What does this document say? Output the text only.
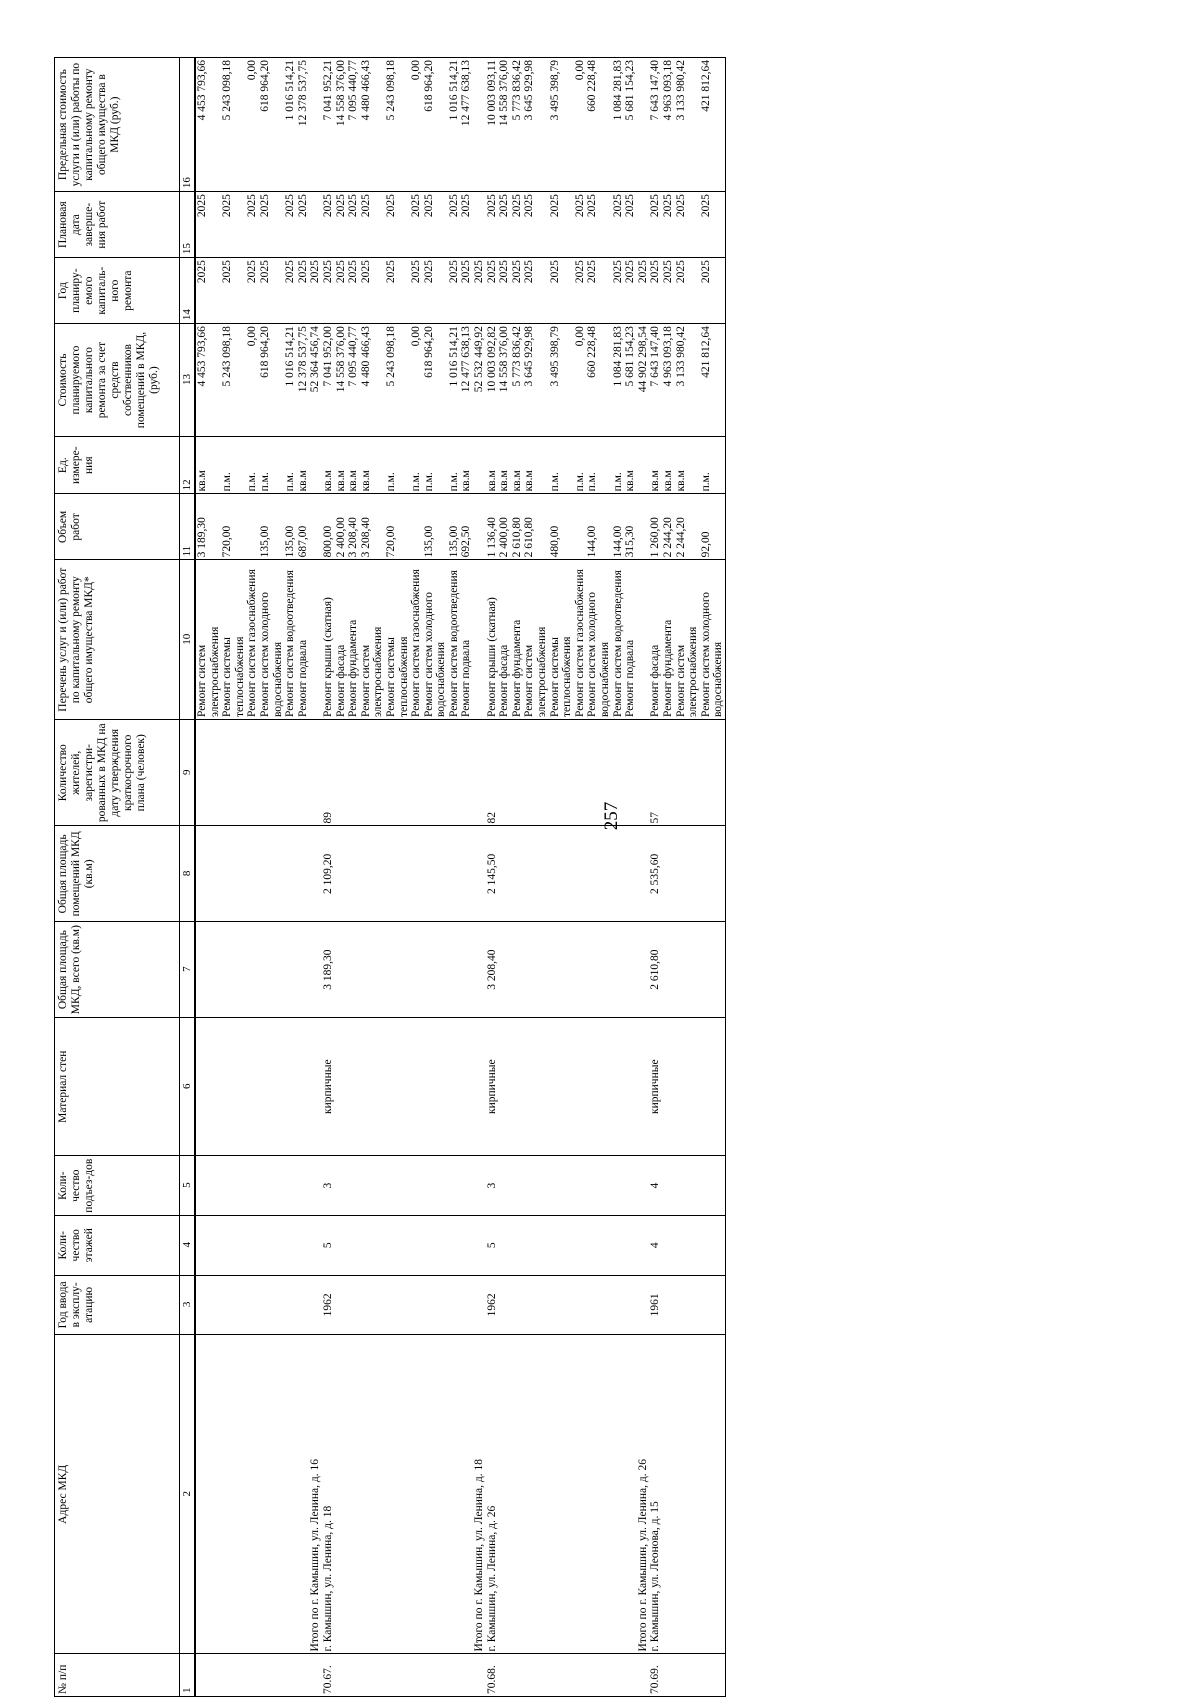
257
№ п/п	Адрес МКД	Год ввода в эксплу-атацию	Коли-чество этажей	Коли-чество подъез-дов	Материал стен	Общая площадь МКД, всего (кв.м)	Общая площадь помещений МКД (кв.м)	Количество жителей, зарегистри-рованных в МКД на дату утверждения краткосрочного плана (человек)	Перечень услуг и (или) работ по капитальному ремонту общего имущества МКД*	Объем работ	Ед. измере-ния	Стоимость планируемого капитального ремонта за счет средств собственников помещений в МКД, (руб.)	Год планиру-емого капиталь-ного ремонта	Плановая дата заверше-ния работ	Предельная стоимость услуги и (или) работы по капитальному ремонту общего имущества в МКД (руб.)
1	2	3	4	5	6	7	8	9	10	11	12	13	14	15	16
									Ремонт систем электроснабжения	3 189,30	кв.м	4 453 793,66	2025	2025	4 453 793,66
									Ремонт системы теплоснабжения	720,00	п.м.	5 243 098,18	2025	2025	5 243 098,18
									Ремонт систем газоснабжения		п.м.	0,00	2025	2025	0,00
									Ремонт систем холодного водоснабжения	135,00	п.м.	618 964,20	2025	2025	618 964,20
									Ремонт систем водоотведения	135,00	п.м.	1 016 514,21	2025	2025	1 016 514,21
									Ремонт подвала	687,00	кв.м	12 378 537,75	2025	2025	12 378 537,75
	Итого по г. Камышин, ул. Ленина, д. 16											52 364 456,74	2025		
70.67.	г. Камышин, ул. Ленина, д. 18	1962	5	3	кирпичные	3 189,30	2 109,20	89	Ремонт крыши (скатная)	800,00	кв.м	7 041 952,00	2025	2025	7 041 952,21
									Ремонт фасада	2 400,00	кв.м	14 558 376,00	2025	2025	14 558 376,00
									Ремонт фундамента	3 208,40	кв.м	7 095 440,77	2025	2025	7 095 440,77
									Ремонт систем электроснабжения	3 208,40	кв.м	4 480 466,43	2025	2025	4 480 466,43
									Ремонт системы теплоснабжения	720,00	п.м.	5 243 098,18	2025	2025	5 243 098,18
									Ремонт систем газоснабжения		п.м.	0,00	2025	2025	0,00
									Ремонт систем холодного водоснабжения	135,00	п.м.	618 964,20	2025	2025	618 964,20
									Ремонт систем водоотведения	135,00	п.м.	1 016 514,21	2025	2025	1 016 514,21
									Ремонт подвала	692,50	кв.м	12 477 638,13	2025	2025	12 477 638,13
	Итого по г. Камышин, ул. Ленина, д. 18											52 532 449,92	2025		
70.68.	г. Камышин, ул. Ленина, д. 26	1962	5	3	кирпичные	3 208,40	2 145,50	82	Ремонт крыши (скатная)	1 136,40	кв.м	10 003 092,82	2025	2025	10 003 093,11
									Ремонт фасада	2 400,00	кв.м	14 558 376,00	2025	2025	14 558 376,00
									Ремонт фундамента	2 610,80	кв.м	5 773 836,42	2025	2025	5 773 836,42
									Ремонт систем электроснабжения	2 610,80	кв.м	3 645 929,98	2025	2025	3 645 929,98
									Ремонт системы теплоснабжения	480,00	п.м.	3 495 398,79	2025	2025	3 495 398,79
									Ремонт систем газоснабжения		п.м.	0,00	2025	2025	0,00
									Ремонт систем холодного водоснабжения	144,00	п.м.	660 228,48	2025	2025	660 228,48
									Ремонт систем водоотведения	144,00	п.м.	1 084 281,83	2025	2025	1 084 281,83
									Ремонт подвала	315,30	кв.м	5 681 154,23	2025	2025	5 681 154,23
	Итого по г. Камышин, ул. Ленина, д. 26											44 902 298,54	2025		
70.69.	г. Камышин, ул. Леонова, д. 15	1961	4	4	кирпичные	2 610,80	2 535,60	57	Ремонт фасада	1 260,00	кв.м	7 643 147,40	2025	2025	7 643 147,40
									Ремонт фундамента	2 244,20	кв.м	4 963 093,18	2025	2025	4 963 093,18
									Ремонт систем электроснабжения	2 244,20	кв.м	3 133 980,42	2025	2025	3 133 980,42
									Ремонт систем холодного водоснабжения	92,00	п.м.	421 812,64	2025	2025	421 812,64
